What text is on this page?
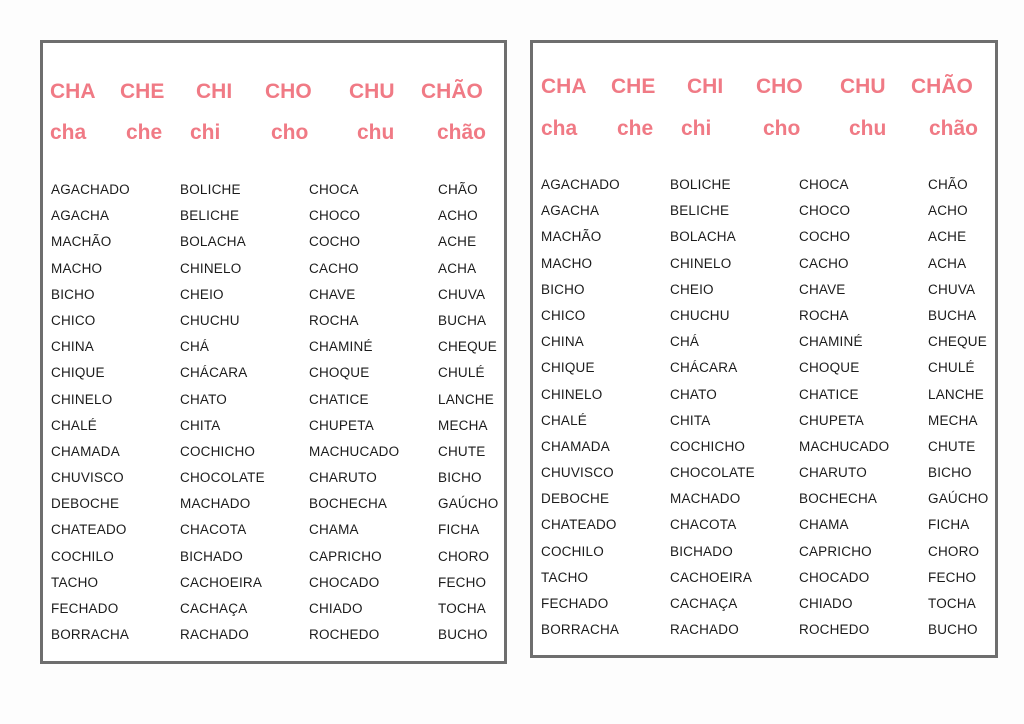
CHA CHE CHI CHO CHU CHÃO
cha che chi cho chu chão
AGACHADO
AGACHA
MACHÃO
MACHO
BICHO
CHICO
CHINA
CHIQUE
CHINELO
CHALÉ
CHAMADA
CHUVISCO
DEBOCHE
CHATEADO
COCHILO
TACHO
FECHADO
BORRACHA
BOLICHE
BELICHE
BOLACHA
CHINELO
CHEIO
CHUCHU
CHÁ
CHÁCARA
CHATO
CHITA
COCHICHO
CHOCOLATE
MACHADO
CHACOTA
BICHADO
CACHOEIRA
CACHAÇA
RACHADO
CHOCA
CHOCO
COCHO
CACHO
CHAVE
ROCHA
CHAMINÉ
CHOQUE
CHATICE
CHUPETA
MACHUCADO
CHARUTO
BOCHECHA
CHAMA
CAPRICHO
CHOCADO
CHIADO
ROCHEDO
CHÃO
ACHO
ACHE
ACHA
CHUVA
BUCHA
CHEQUE
CHULÉ
LANCHE
MECHA
CHUTE
BICHO
GAÚCHO
FICHA
CHORO
FECHO
TOCHA
BUCHO
CHA CHE CHI CHO CHU CHÃO
cha che chi cho chu chão
AGACHADO
AGACHA
MACHÃO
MACHO
BICHO
CHICO
CHINA
CHIQUE
CHINELO
CHALÉ
CHAMADA
CHUVISCO
DEBOCHE
CHATEADO
COCHILO
TACHO
FECHADO
BORRACHA
BOLICHE
BELICHE
BOLACHA
CHINELO
CHEIO
CHUCHU
CHÁ
CHÁCARA
CHATO
CHITA
COCHICHO
CHOCOLATE
MACHADO
CHACOTA
BICHADO
CACHOEIRA
CACHAÇA
RACHADO
CHOCA
CHOCO
COCHO
CACHO
CHAVE
ROCHA
CHAMINÉ
CHOQUE
CHATICE
CHUPETA
MACHUCADO
CHARUTO
BOCHECHA
CHAMA
CAPRICHO
CHOCADO
CHIADO
ROCHEDO
CHÃO
ACHO
ACHE
ACHA
CHUVA
BUCHA
CHEQUE
CHULÉ
LANCHE
MECHA
CHUTE
BICHO
GAÚCHO
FICHA
CHORO
FECHO
TOCHA
BUCHO
